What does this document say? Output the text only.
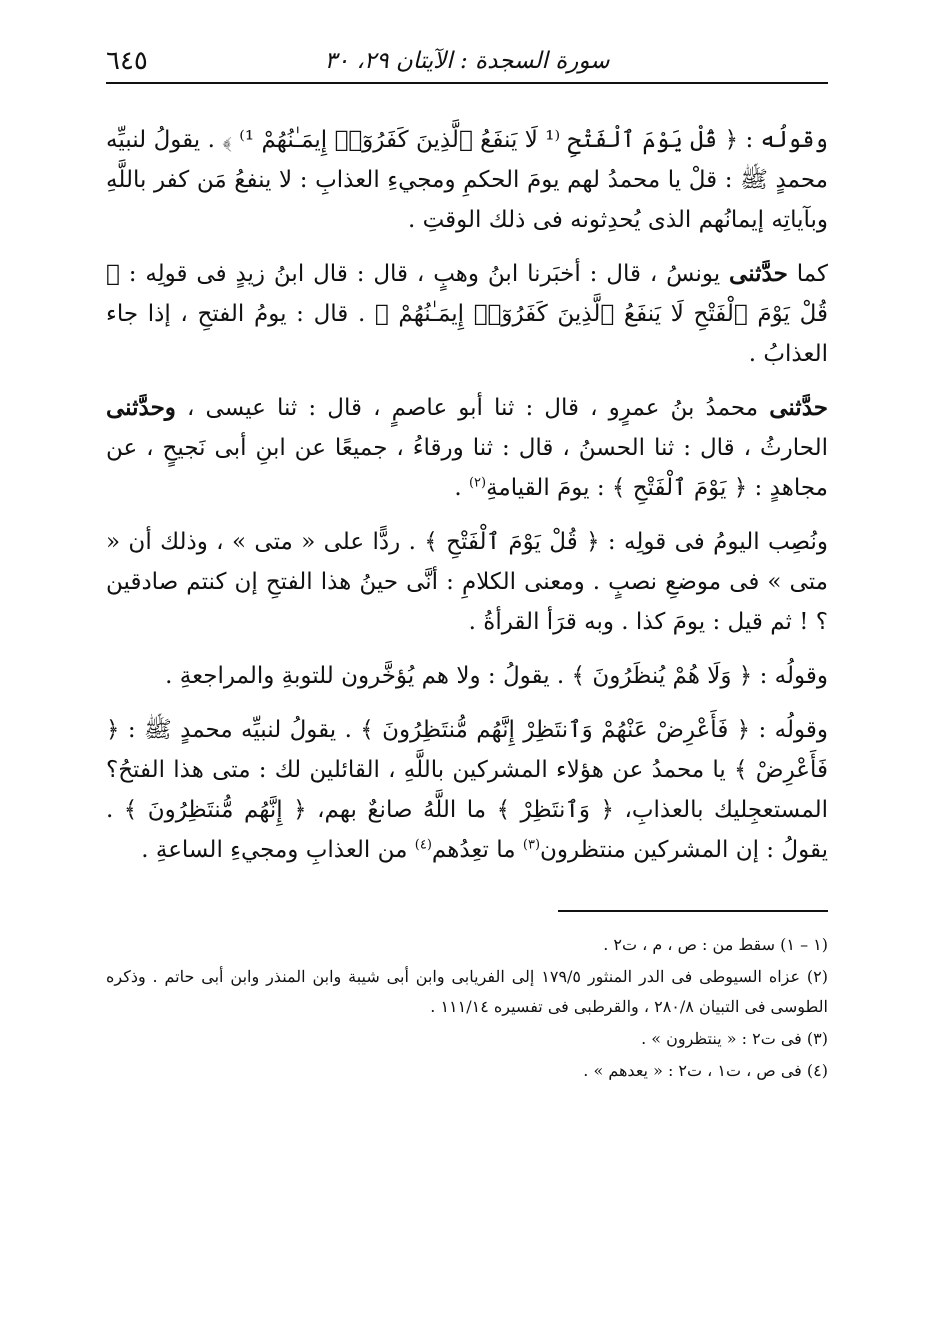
٦٤٥	سورة السجدة : الآيتان ٢٩، ٣٠

وقولُه : ﴿ قُلْ يَوْمَ ٱلْفَتْحِ ⁽¹ لَا يَنفَعُ ٱلَّذِينَ كَفَرُوٓا۟ إِيمَـٰنُهُمْ ¹⁾ ﴾ . يقولُ لنبيِّه محمدٍ ﷺ : قلْ يا محمدُ لهم يومَ الحكمِ ومجيءِ العذابِ : لا ينفعُ مَن كفر باللَّهِ وبآياتِه إيمانُهم الذى يُحدِثونه فى ذلك الوقتِ .

كما حدَّثنى يونسُ ، قال : أخبَرنا ابنُ وهبٍ ، قال : قال ابنُ زيدٍ فى قولِه : ﴿ قُلْ يَوْمَ ٱلْفَتْحِ لَا يَنفَعُ ٱلَّذِينَ كَفَرُوٓا۟ إِيمَـٰنُهُمْ ﴾ . قال : يومُ الفتحِ ، إذا جاء العذابُ .

حدَّثنى محمدُ بنُ عمرٍو ، قال : ثنا أبو عاصمٍ ، قال : ثنا عيسى ، وحدَّثنى الحارثُ ، قال : ثنا الحسنُ ، قال : ثنا ورقاءُ ، جميعًا عن ابنِ أبى نَجيحٍ ، عن مجاهدٍ : ﴿ يَوْمَ ٱلْفَتْحِ ﴾ : يومَ القيامةِ$^{(٢)}$ .

ونُصِب اليومُ فى قولِه : ﴿ قُلْ يَوْمَ ٱلْفَتْحِ ﴾ . ردًّا على « متى » ، وذلك أن « متى » فى موضعِ نصبٍ . ومعنى الكلامِ : أنَّى حينُ هذا الفتحِ إن كنتم صادقين ؟ ! ثم قيل : يومَ كذا . وبه قرَأ القرأةُ .

وقولُه : ﴿ وَلَا هُمْ يُنظَرُونَ ﴾ . يقولُ : ولا هم يُؤخَّرون للتوبةِ والمراجعةِ .

وقولُه : ﴿ فَأَعْرِضْ عَنْهُمْ وَٱنتَظِرْ إِنَّهُم مُّنتَظِرُونَ ﴾ . يقولُ لنبيِّه محمدٍ ﷺ : ﴿ فَأَعْرِضْ ﴾ يا محمدُ عن هؤلاء المشركين باللَّهِ ، القائلين لك : متى هذا الفتحُ؟المستعجِليك بالعذابِ، ﴿ وَٱنتَظِرْ ﴾ ما اللَّهُ صانعٌ بهم، ﴿ إِنَّهُم مُّنتَظِرُونَ ﴾ . يقولُ : إن المشركين منتظرون$^{(٣)}$ ما تعِدُهم$^{(٤)}$ من العذابِ ومجيءِ الساعةِ .

(١ – ١) سقط من : ص ، م ، ت٢ .

(٢) عزاه السيوطى فى الدر المنثور ١٧٩/٥ إلى الفريابى وابن أبى شيبة وابن المنذر وابن أبى حاتم . وذكره الطوسى فى التبيان ٢٨٠/٨ ، والقرطبى فى تفسيره ١١١/١٤ .

(٣) فى ت٢ : « ينتظرون » .

(٤) فى ص ، ت١ ، ت٢ : « يعدهم » .
